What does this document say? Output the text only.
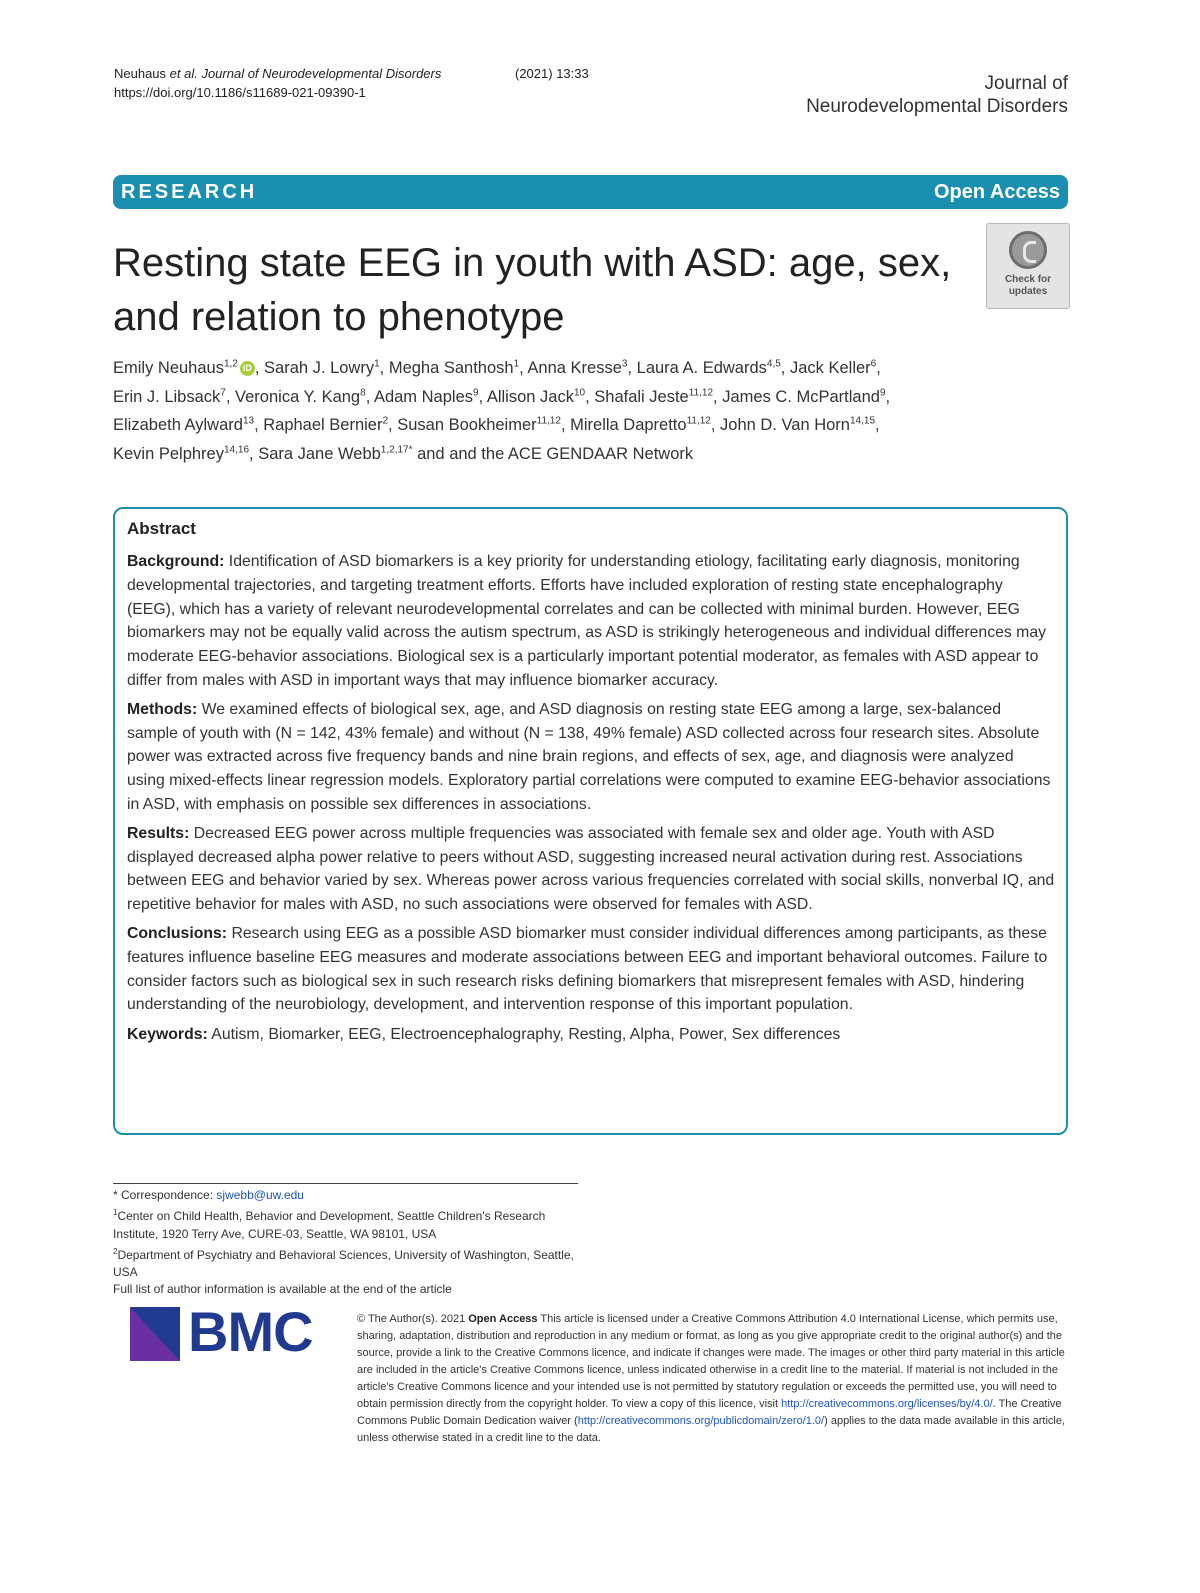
Neuhaus et al. Journal of Neurodevelopmental Disorders	(2021) 13:33
https://doi.org/10.1186/s11689-021-09390-1	Journal of
Neurodevelopmental Disorders
RESEARCH	Open Access
Resting state EEG in youth with ASD: age, sex, and relation to phenotype
Check for
updates

Emily Neuhaus$^{1,2}$ iD , Sarah J. Lowry$^1$, Megha Santhosh$^1$, Anna Kresse$^3$, Laura A. Edwards$^{4,5}$, Jack Keller$^6$,
Erin J. Libsack$^7$, Veronica Y. Kang$^8$, Adam Naples$^9$, Allison Jack$^{10}$, Shafali Jeste$^{11,12}$, James C. McPartland$^9$,
Elizabeth Aylward$^{13}$, Raphael Bernier$^2$, Susan Bookheimer$^{11,12}$, Mirella Dapretto$^{11,12}$, John D. Van Horn$^{14,15}$,
Kevin Pelphrey$^{14,16}$, Sara Jane Webb$^{1,2,17*}$ and and the ACE GENDAAR Network

Abstract

Background: Identification of ASD biomarkers is a key priority for understanding etiology, facilitating early diagnosis, monitoring developmental trajectories, and targeting treatment efforts. Efforts have included exploration of resting state encephalography (EEG), which has a variety of relevant neurodevelopmental correlates and can be collected with minimal burden. However, EEG biomarkers may not be equally valid across the autism spectrum, as ASD is strikingly heterogeneous and individual differences may moderate EEG-behavior associations. Biological sex is a particularly important potential moderator, as females with ASD appear to differ from males with ASD in important ways that may influence biomarker accuracy.

Methods: We examined effects of biological sex, age, and ASD diagnosis on resting state EEG among a large, sex-balanced sample of youth with (N = 142, 43% female) and without (N = 138, 49% female) ASD collected across four research sites. Absolute power was extracted across five frequency bands and nine brain regions, and effects of sex, age, and diagnosis were analyzed using mixed-effects linear regression models. Exploratory partial correlations were computed to examine EEG-behavior associations in ASD, with emphasis on possible sex differences in associations.

Results: Decreased EEG power across multiple frequencies was associated with female sex and older age. Youth with ASD displayed decreased alpha power relative to peers without ASD, suggesting increased neural activation during rest. Associations between EEG and behavior varied by sex. Whereas power across various frequencies correlated with social skills, nonverbal IQ, and repetitive behavior for males with ASD, no such associations were observed for females with ASD.

Conclusions: Research using EEG as a possible ASD biomarker must consider individual differences among participants, as these features influence baseline EEG measures and moderate associations between EEG and important behavioral outcomes. Failure to consider factors such as biological sex in such research risks defining biomarkers that misrepresent females with ASD, hindering understanding of the neurobiology, development, and intervention response of this important population.

Keywords: Autism, Biomarker, EEG, Electroencephalography, Resting, Alpha, Power, Sex differences

* Correspondence: sjwebb@uw.edu
$^1$Center on Child Health, Behavior and Development, Seattle Children's Research Institute, 1920 Terry Ave, CURE-03, Seattle, WA 98101, USA
$^2$Department of Psychiatry and Behavioral Sciences, University of Washington, Seattle, USA
Full list of author information is available at the end of the article
BMC	© The Author(s). 2021 Open Access This article is licensed under a Creative Commons Attribution 4.0 International License, which permits use, sharing, adaptation, distribution and reproduction in any medium or format, as long as you give appropriate credit to the original author(s) and the source, provide a link to the Creative Commons licence, and indicate if changes were made. The images or other third party material in this article are included in the article's Creative Commons licence, unless indicated otherwise in a credit line to the material. If material is not included in the article's Creative Commons licence and your intended use is not permitted by statutory regulation or exceeds the permitted use, you will need to obtain permission directly from the copyright holder. To view a copy of this licence, visit http://creativecommons.org/licenses/by/4.0/. The Creative Commons Public Domain Dedication waiver (http://creativecommons.org/publicdomain/zero/1.0/) applies to the data made available in this article, unless otherwise stated in a credit line to the data.
